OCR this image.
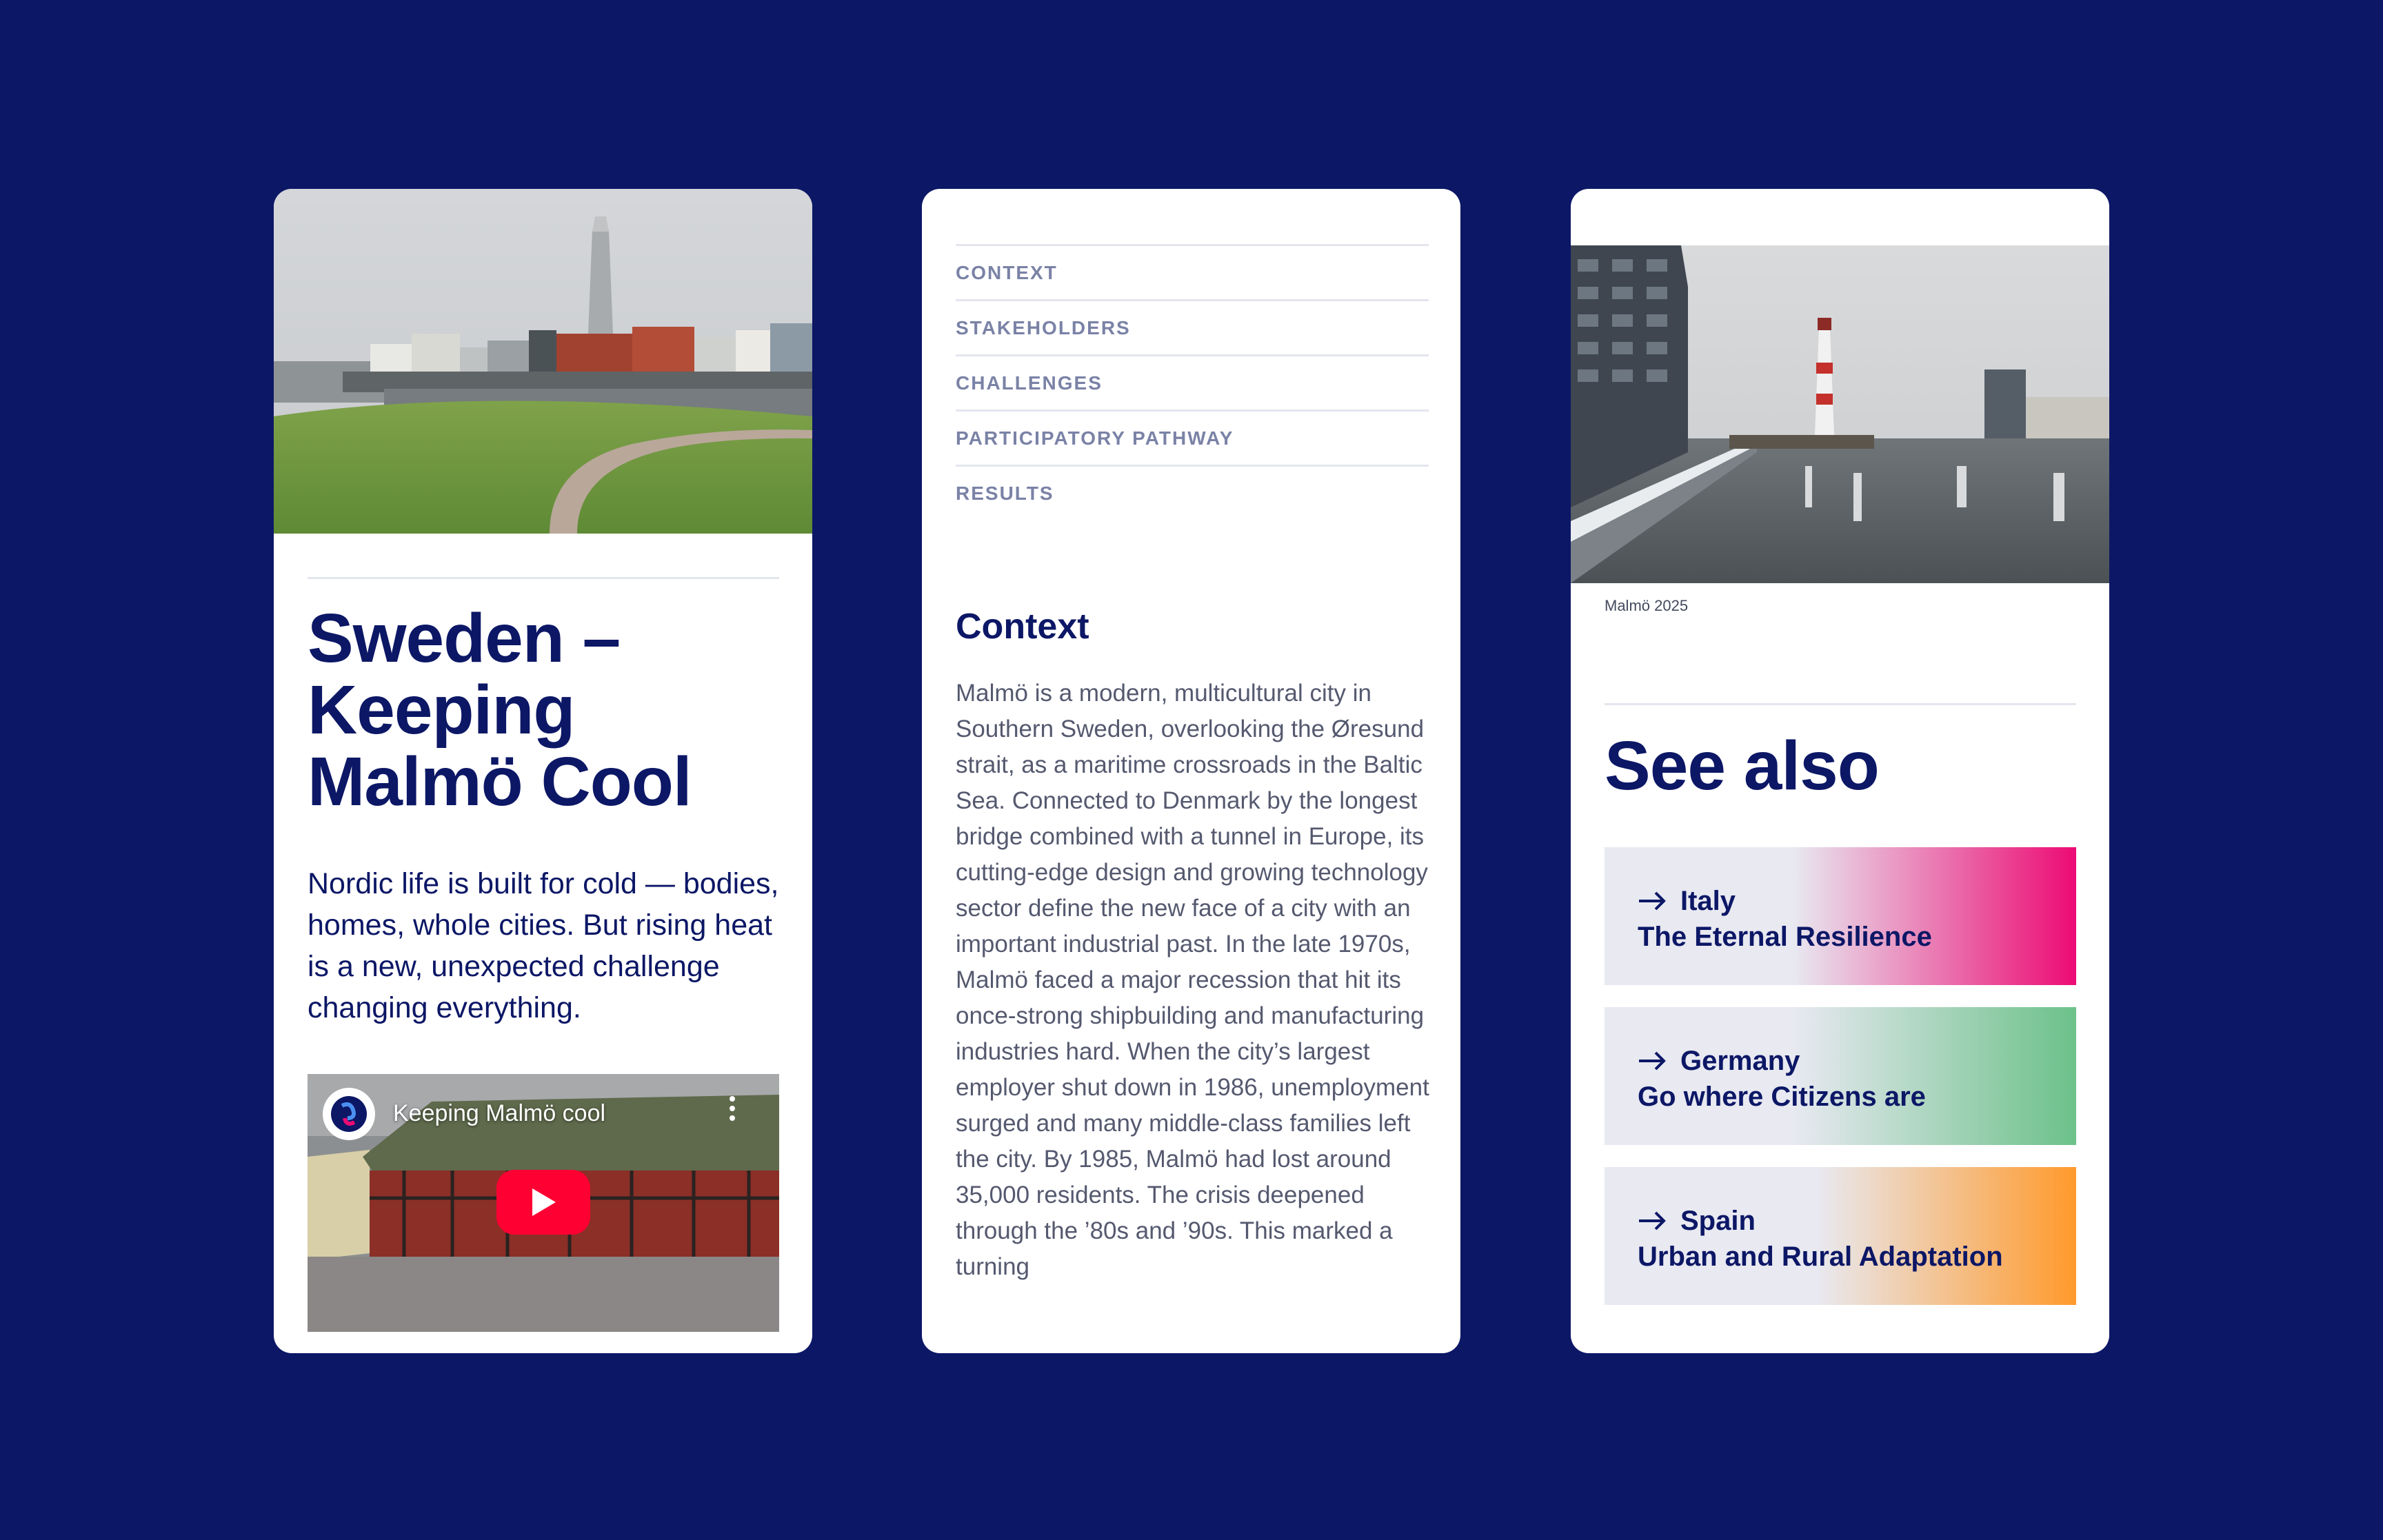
Sweden – Keeping Malmö Cool

Nordic life is built for cold — bodies, homes, whole cities. But rising heat is a new, unexpected challenge changing everything.

Keeping Malmö cool
CONTEXT
STAKEHOLDERS
CHALLENGES
PARTICIPATORY PATHWAY
RESULTS
Context

Malmö is a modern, multicultural city in Southern Sweden, overlooking the Øresund strait, as a maritime crossroads in the Baltic Sea. Connected to Denmark by the longest bridge combined with a tunnel in Europe, its cutting-edge design and growing technology sector define the new face of a city with an important industrial past. In the late 1970s, Malmö faced a major recession that hit its once-strong shipbuilding and manufacturing industries hard. When the city’s largest employer shut down in 1986, unemployment surged and many middle-class families left the city. By 1985, Malmö had lost around 35,000 residents. The crisis deepened through the ’80s and ’90s. This marked a turning

Malmö 2025
See also
Italy
The Eternal Resilience
Germany
Go where Citizens are
Spain
Urban and Rural Adaptation
